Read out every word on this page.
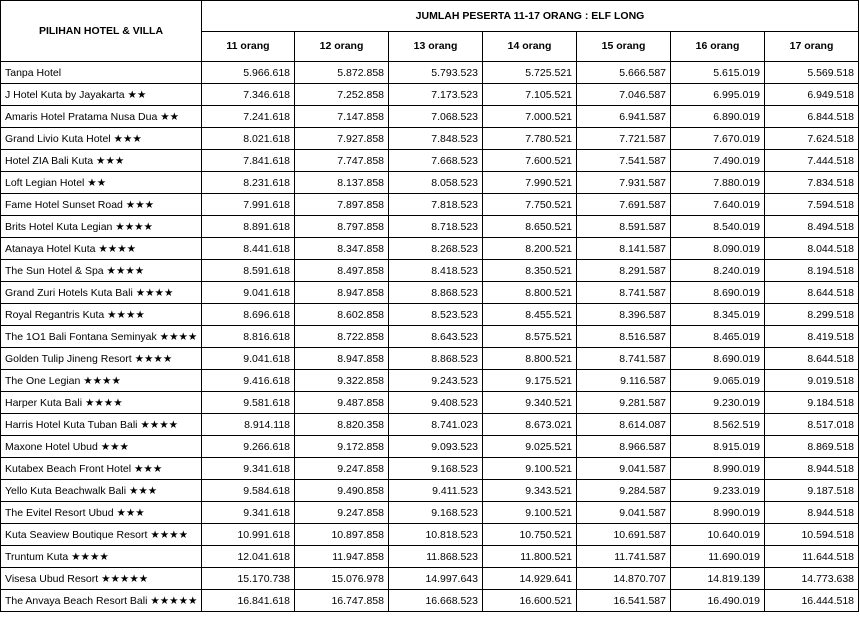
PILIHAN HOTEL & VILLA	JUMLAH PESERTA 11-17 ORANG : ELF LONG						
	11 orang	12 orang	13 orang	14 orang	15 orang	16 orang	17 orang
Tanpa Hotel	5.966.618	5.872.858	5.793.523	5.725.521	5.666.587	5.615.019	5.569.518
J Hotel Kuta by Jayakarta ★★	7.346.618	7.252.858	7.173.523	7.105.521	7.046.587	6.995.019	6.949.518
Amaris Hotel Pratama Nusa Dua ★★	7.241.618	7.147.858	7.068.523	7.000.521	6.941.587	6.890.019	6.844.518
Grand Livio Kuta Hotel ★★★	8.021.618	7.927.858	7.848.523	7.780.521	7.721.587	7.670.019	7.624.518
Hotel ZIA Bali Kuta ★★★	7.841.618	7.747.858	7.668.523	7.600.521	7.541.587	7.490.019	7.444.518
Loft Legian Hotel ★★	8.231.618	8.137.858	8.058.523	7.990.521	7.931.587	7.880.019	7.834.518
Fame Hotel Sunset Road ★★★	7.991.618	7.897.858	7.818.523	7.750.521	7.691.587	7.640.019	7.594.518
Brits Hotel Kuta Legian ★★★★	8.891.618	8.797.858	8.718.523	8.650.521	8.591.587	8.540.019	8.494.518
Atanaya Hotel Kuta ★★★★	8.441.618	8.347.858	8.268.523	8.200.521	8.141.587	8.090.019	8.044.518
The Sun Hotel & Spa ★★★★	8.591.618	8.497.858	8.418.523	8.350.521	8.291.587	8.240.019	8.194.518
Grand Zuri Hotels Kuta Bali ★★★★	9.041.618	8.947.858	8.868.523	8.800.521	8.741.587	8.690.019	8.644.518
Royal Regantris Kuta ★★★★	8.696.618	8.602.858	8.523.523	8.455.521	8.396.587	8.345.019	8.299.518
The 1O1 Bali Fontana Seminyak ★★★★	8.816.618	8.722.858	8.643.523	8.575.521	8.516.587	8.465.019	8.419.518
Golden Tulip Jineng Resort ★★★★	9.041.618	8.947.858	8.868.523	8.800.521	8.741.587	8.690.019	8.644.518
The One Legian ★★★★	9.416.618	9.322.858	9.243.523	9.175.521	9.116.587	9.065.019	9.019.518
Harper Kuta Bali ★★★★	9.581.618	9.487.858	9.408.523	9.340.521	9.281.587	9.230.019	9.184.518
Harris Hotel Kuta Tuban Bali ★★★★	8.914.118	8.820.358	8.741.023	8.673.021	8.614.087	8.562.519	8.517.018
Maxone Hotel Ubud ★★★	9.266.618	9.172.858	9.093.523	9.025.521	8.966.587	8.915.019	8.869.518
Kutabex Beach Front Hotel ★★★	9.341.618	9.247.858	9.168.523	9.100.521	9.041.587	8.990.019	8.944.518
Yello Kuta Beachwalk Bali ★★★	9.584.618	9.490.858	9.411.523	9.343.521	9.284.587	9.233.019	9.187.518
The Evitel Resort Ubud ★★★	9.341.618	9.247.858	9.168.523	9.100.521	9.041.587	8.990.019	8.944.518
Kuta Seaview Boutique Resort ★★★★	10.991.618	10.897.858	10.818.523	10.750.521	10.691.587	10.640.019	10.594.518
Truntum Kuta ★★★★	12.041.618	11.947.858	11.868.523	11.800.521	11.741.587	11.690.019	11.644.518
Visesa Ubud Resort ★★★★★	15.170.738	15.076.978	14.997.643	14.929.641	14.870.707	14.819.139	14.773.638
The Anvaya Beach Resort Bali ★★★★★	16.841.618	16.747.858	16.668.523	16.600.521	16.541.587	16.490.019	16.444.518
